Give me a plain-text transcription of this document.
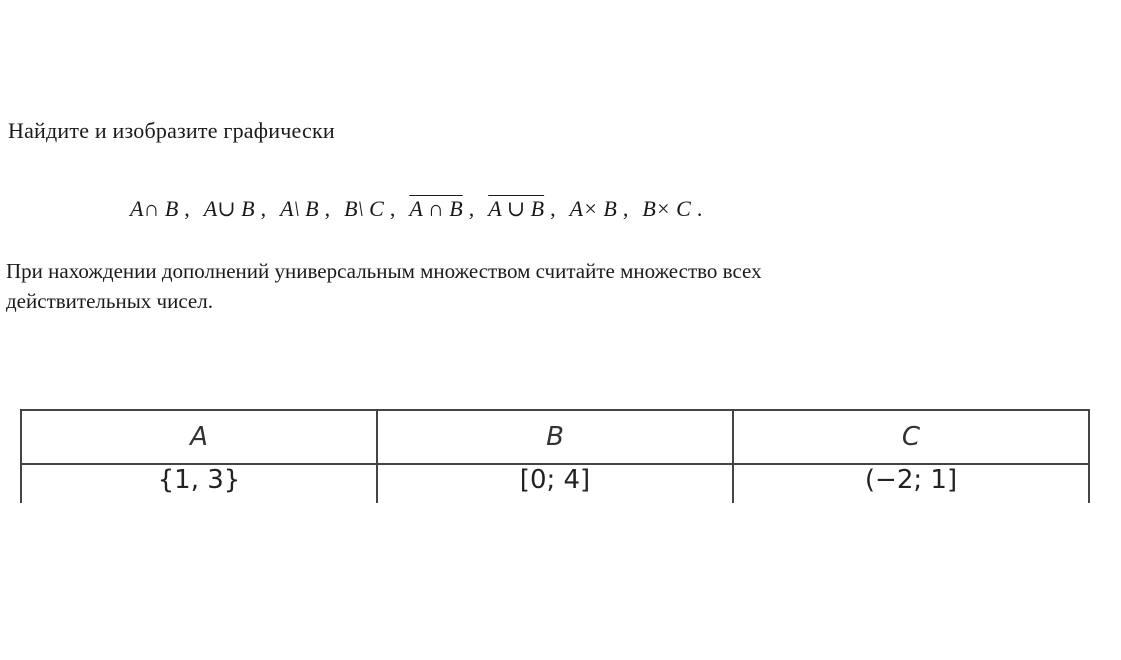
Найдите и изобразите графически
A∩ B , A∪ B , A\ B , B\ C , A ∩ B , A ∪ B , A× B , B× C .
При нахождении дополнений универсальным множеством считайте множество всех
действительных чисел.
A	B	C
{1, 3}	[0; 4]	(−2; 1]
